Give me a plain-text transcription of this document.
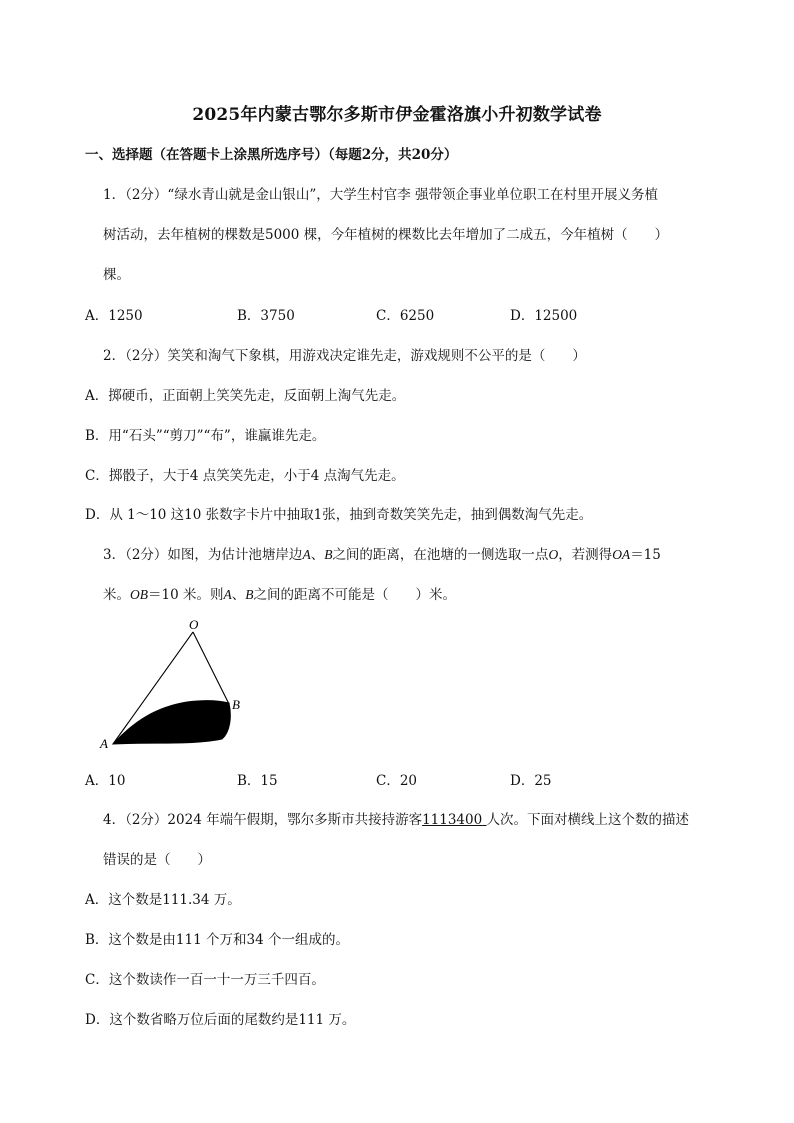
2025年内蒙古鄂尔多斯市伊金霍洛旗小升初数学试卷
一、选择题（在答题卡上涂黑所选序号）（每题2分，共20分）
1．（2分）“绿水青山就是金山银山”，大学生村官李 强带领企事业单位职工在村里开展义务植
树活动，去年植树的棵数是5000 棵，今年植树的棵数比去年增加了二成五，今年植树（　　）
棵。
A．1250	B．3750	C．6250	D．12500
2．（2分）笑笑和淘气下象棋，用游戏决定谁先走，游戏规则不公平的是（　　）
A．掷硬币，正面朝上笑笑先走，反面朝上淘气先走。
B．用“石头”“剪刀”“布”，谁赢谁先走。
C．掷骰子，大于4 点笑笑先走，小于4 点淘气先走。
D．从 1～10 这10 张数字卡片中抽取1张，抽到奇数笑笑先走，抽到偶数淘气先走。
3．（2分）如图，为估计池塘岸边A、B之间的距离，在池塘的一侧选取一点O，若测得OA＝15
米。OB＝10 米。则A、B之间的距离不可能是（　　）米。
O
B
A
A．10	B．15	C．20	D．25
4．（2分）2024 年端午假期，鄂尔多斯市共接持游客1113400 人次。下面对横线上这个数的描述
错误的是（　　）
A．这个数是111.34 万。
B．这个数是由111 个万和34 个一组成的。
C．这个数读作一百一十一万三千四百。
D．这个数省略万位后面的尾数约是111 万。
